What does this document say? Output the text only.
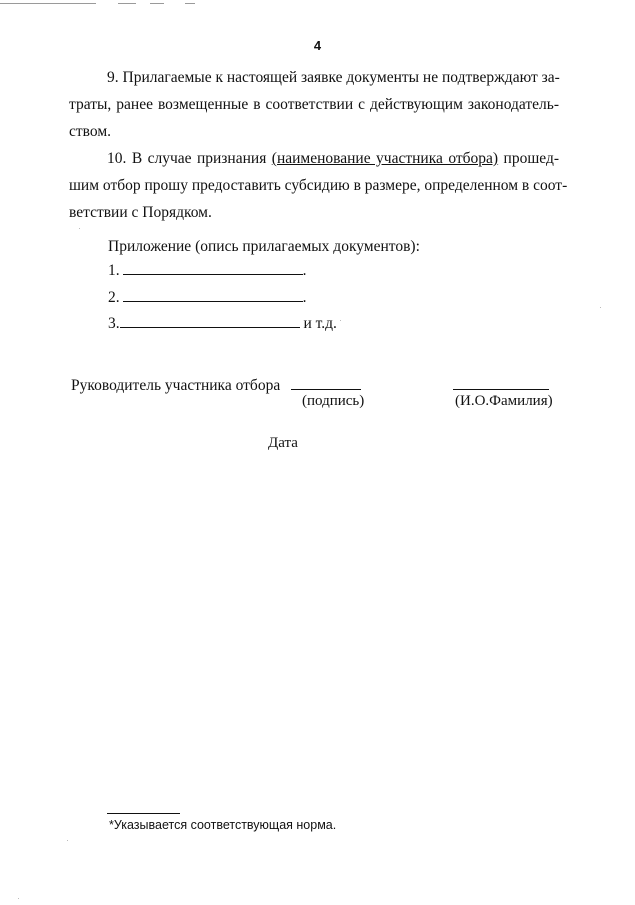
4
9. Прилагаемые к настоящей заявке документы не подтверждают за-
траты, ранее возмещенные в соответствии с действующим законодатель-
ством.
10. В случае признания (наименование участника отбора) прошед-
шим отбор прошу предоставить субсидию в размере, определенном в соот-
ветствии с Порядком.
Приложение (опись прилагаемых документов):
1.	.
2.	.
3.	и т.д.
Руководитель участника отбора
(подпись)	(И.О.Фамилия)
Дата
*Указывается соответствующая норма.
